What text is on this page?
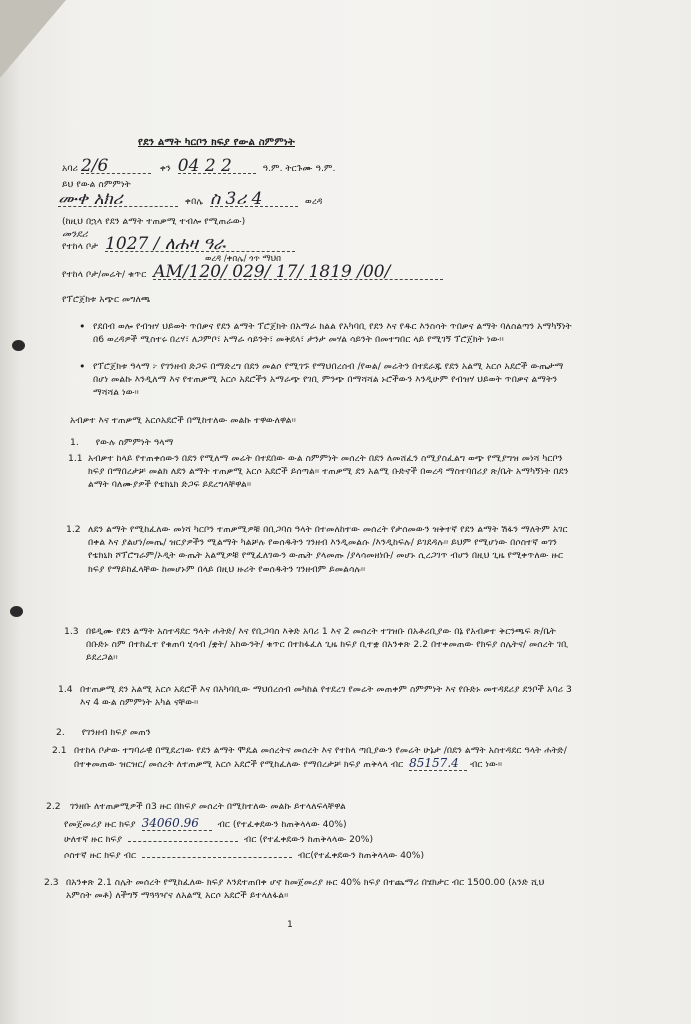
የደን ልማት ካርቦን ክፍያ የውል ስምምነት
አባሪ 2/6	ቀን 04 2 2	ዓ.ም. ትርጉሙ ዓ.ም.
ይህ የውል ስምምነት
ሙቀ አክሪ	ቀበሌ ስ 3ሪ 4	ወረዳ
(ከዚህ በኋላ የደን ልማት ተጠቃሚ ተብሎ የሚጠራው)
መንደሪ
የተከላ ቦታ 1027 / ለሐዛ ዓራ
ወረዳ /ቀበሌ/ ጎጥ ማህበ
የተከላ ቦታ/መሬት/ ቁጥር AM/120/ 029/ 17/ 1819 /00/
የፕሮጀክቱ አጭር መግለጫ
• የደበብ ወሎ የብዝሃ ህይወት ጥበቃና የደን ልማት ፕሮጀክት በአማራ ክልል የአካባቢ የደን እና የዱር እንስሳት ጥበቃና ልማት ባለስልጣን አማካኝነት በ6 ወረዳዎች ሚስተሩ በረሃ፣ ለጋምቦ፣ አማራ ሳይንት፣ መቅደላ፣ ታንታ መሃል ሳይንት በመተግበር ላይ የሚገኝ ፕሮጀክት ነው፡፡
• የፕሮጀክቱ ዓላማ ፦ የገንዘብ ድጋፍ በማድረግ በደን መልሶ የሚገኙ የማህበረሰብ /የወል/ መሬትን በተደራጁ የደን አልሚ አርሶ አደሮች ውጤታማ በሆነ መልኩ እንዲለማ እና የተጠቃሚ አርሶ አደሮችን አማራጭ የገቢ ምንጭ በማሻሻል ኑሮችውን እንዲሁም የብዝሃ ህይወት ጥበቃና ልማትን ማሻሻል ነው፡፡
አብቃተ እና ተጠቃሚ አርሶአደሮች በሚከተለው መልኩ ተዋውለዋል፡፡
1. የውሉ ስምምነት ዓላማ
1.1 አብቃተ ከላይ የተጠቀሰውን በደን የሚለማ መሬት በተደበው ውል ስምምነት መሰረት በደን ለመሸፈን ስሚያስፈልግ ወጭ የሚያግዝ መነሻ ካርቦን ክፍያ በማበረታቻ መልክ ለደን ልማት ተጠቃሚ አርሶ አደሮች ይሰጣል፡፡ ተጠቃሚ ደን አልሚ ቡድኖች በወረዳ ማስተባበሪያ ጽ/ቤት አማካኝነት በደን ልማት ባለሙያዎች የቴክኒክ ድጋፍ ይደረግላቸዋል፡፡
1.2 ለደን ልማት የሚከፈለው መነሻ ካርቦን ተጠቃሚዎቹ በቢጋባስ ዓላት በተመለከተው መሰረት የታሰመውን ዝቅተኛ የደን ልማት ሽፋን ማለትም አገር በቀል እና ያልሆነ/መጤ/ ዝርያዎችን ሚልማት ካልቻሉ የወሰዱትን ገንዘብ እንዲመልሱ /እንዲከፍሉ/ ይገደዳሉ፡፡ ይህም የሚሆነው በሶስተኛ ወገን የቴክኒክ ሾፕሮግራም/ኦዲት ውጤት አልሚዎቹ የሚፈለገውን ውጤት ያላመጡ /ያላሳመዘነቡ/ መሆኑ ሲረጋገጥ ብሆን በዚህ ጊዜ የሚቀጥለው ዙር ክፍያ የማይከፈላቸው ከመሆኑም በላይ በዚህ ዙሪት የወሰዱትን ገንዘብም ይመልሳሉ፡፡
1.3 በዩዲሙ የደን ልማት አስተዳደር ዓላት ሐትድ/ እና የቢጋባስ እቅድ አባሪ 1 እና 2 መሰረት ተገዝቡ በአቶሪቢያው በኔ የአብቃተ ቅርንጫፍ ጽ/ቤት በቡድኑ ስም በተከፈተ የቁጠባ ሂሳብ /ቋት/ አከውንት/ ቁጥር በተከፋፈለ ጊዜ ክፍያ ቢተቋ በአንቀጽ 2.2 በተቀመጠው የክፍያ ስሌትና/ መሰረት ገቢ ይደረጋል፡፡
1.4 በተጠቃሚ ደን አልሚ አርሶ አደሮች እና በአካባቢው ማህበረሰብ መካከል የተደረገ የመሬት መጠቀም ስምምነት እና የቡድኑ መተዳደሪያ ደንቦች አባሪ 3 እና 4 ውል ስምምነት አካል ናቸው፡፡
2. የገንዘብ ክፍያ መጠን
2.1 በተከላ ቦታው ተግባራዊ በሚደረገው የደን ልማት ሞዴል መሰረትና መሰረት እና የተከላ ጣቢያውን የመሬት ሁኔታ /በደን ልማት አስተዳደር ዓላት ሐትድ/ በተቀመጠው ዝርዝር/ መሰረት ለተጠቃሚ አርሶ አደሮች የሚከፈለው የማበረታቻ ክፍያ ጠቅላላ ብር 85157.4 ብር ነው፡፡
2.2 ገንዘቡ ለተጠቃሚዎች በ3 ዙር በክፍያ መሰረት በሚከተለው መልኩ ይተላለፍላቸዋል
የመጀመሪያ ዙር ክፍያ 34060.96 ብር (የተፈቀደውን ከጠቅላላው 40%)
ሁለተኛ ዙር ክፍያ	ብር (የተፈቀደውን ከጠቅላላው 20%)
ሶስተኛ ዙር ክፍያ ብር	ብር(የተፈቀደውን ከጠቅላላው 40%)
2.3 በአንቀጽ 2.1 ስሌት መሰረት የሚከፈለው ክፍያ እንደተጠበቀ ሆኖ ከመጀመሪያ ዙር 40% ክፍያ በተጨማሪ በሄክታር ብር 1500.00 (አንድ ሺህ አምስት መቶ) ለችግኝ ማጓጓዣና ለአልሚ አርሶ አደሮች ይተላለፋል፡፡
1
